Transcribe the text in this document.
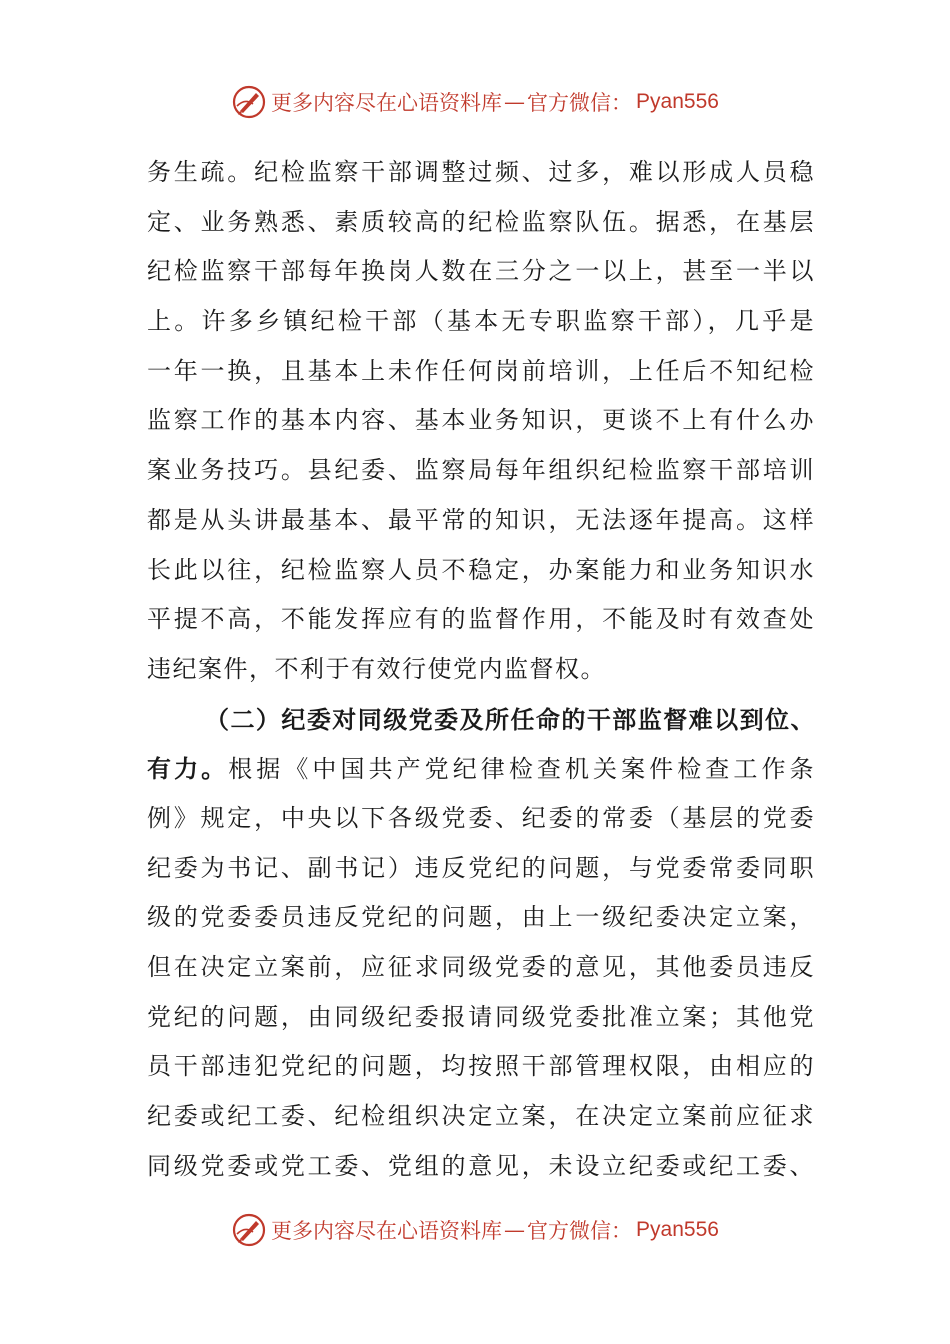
更多内容尽在心语资料库 — 官方微信： Pyan556
务生疏。纪检监察干部调整过频、过多，难以形成人员稳
定、业务熟悉、素质较高的纪检监察队伍。据悉，在基层
纪检监察干部每年换岗人数在三分之一以上，甚至一半以
上。许多乡镇纪检干部（基本无专职监察干部），几乎是
一年一换，且基本上未作任何岗前培训，上任后不知纪检
监察工作的基本内容、基本业务知识，更谈不上有什么办
案业务技巧。县纪委、监察局每年组织纪检监察干部培训
都是从头讲最基本、最平常的知识，无法逐年提高。这样
长此以往，纪检监察人员不稳定，办案能力和业务知识水
平提不高，不能发挥应有的监督作用，不能及时有效查处
违纪案件，不利于有效行使党内监督权。
（二）纪委对同级党委及所任命的干部监督难以到位、
有力。根据《中国共产党纪律检查机关案件检查工作条
例》规定，中央以下各级党委、纪委的常委（基层的党委
纪委为书记、副书记）违反党纪的问题，与党委常委同职
级的党委委员违反党纪的问题，由上一级纪委决定立案，
但在决定立案前，应征求同级党委的意见，其他委员违反
党纪的问题，由同级纪委报请同级党委批准立案；其他党
员干部违犯党纪的问题，均按照干部管理权限，由相应的
纪委或纪工委、纪检组织决定立案，在决定立案前应征求
同级党委或党工委、党组的意见，未设立纪委或纪工委、
更多内容尽在心语资料库 — 官方微信： Pyan556
